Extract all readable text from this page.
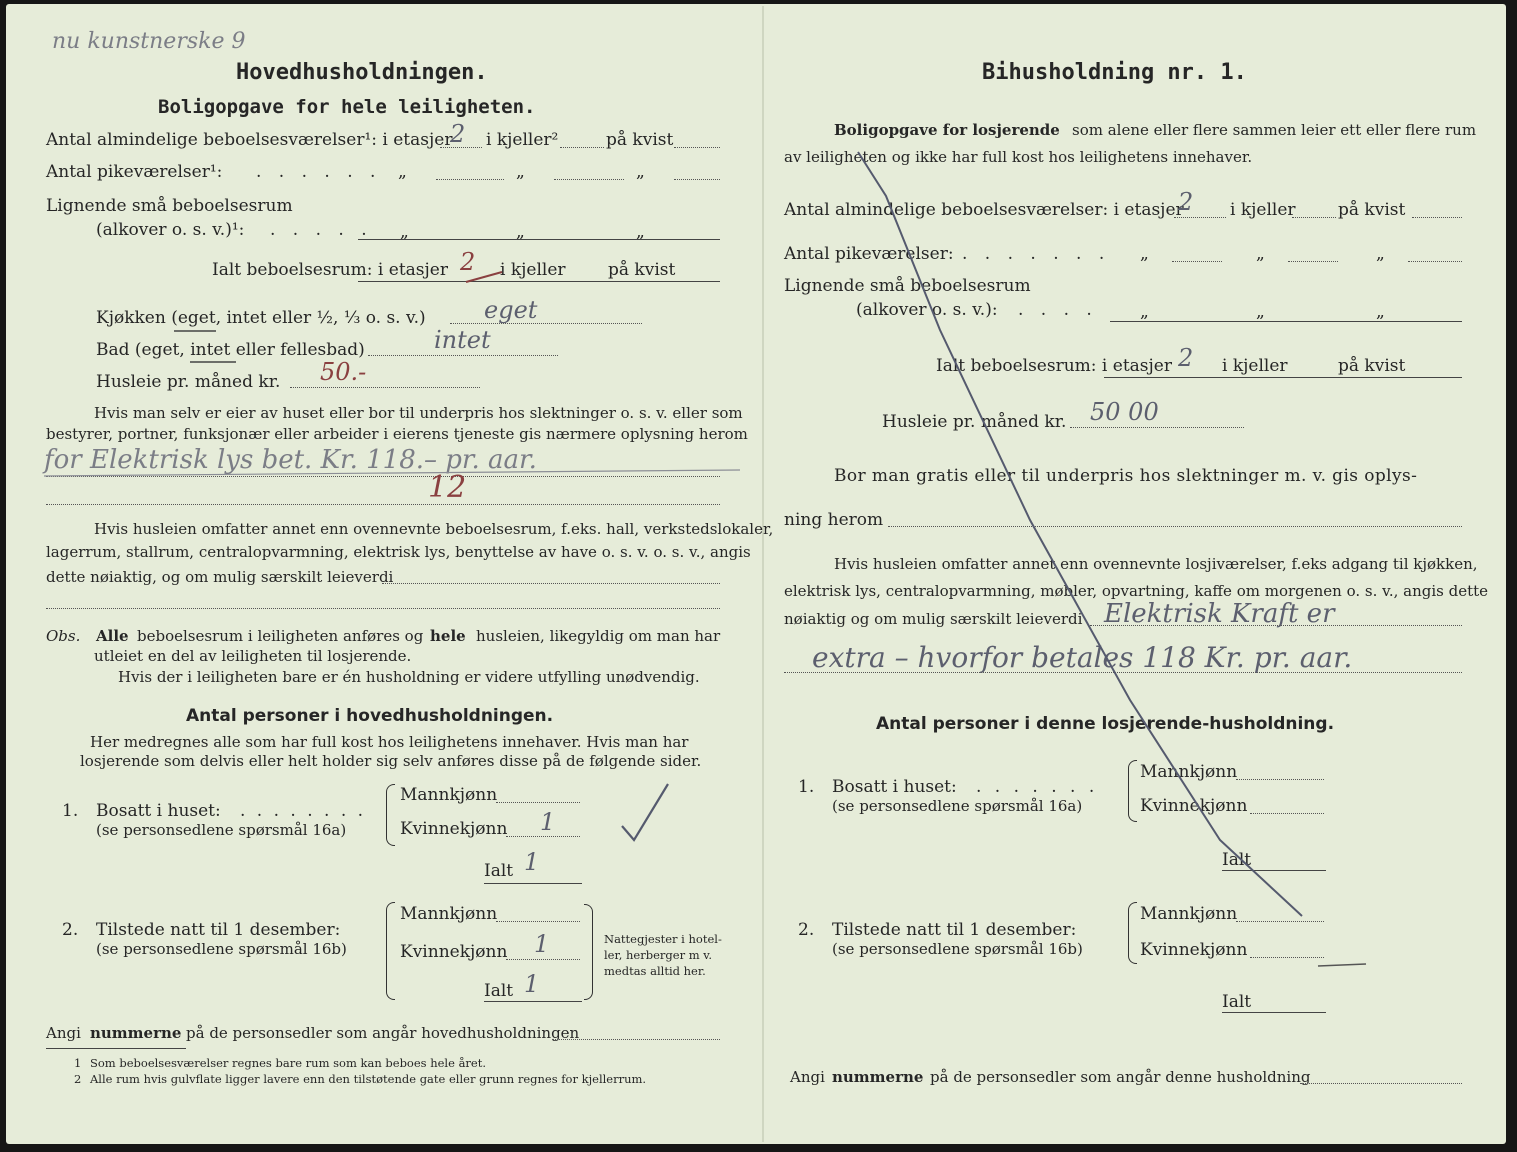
nu kunstnerske 9
Hovedhusholdningen.
Boligopgave for hele leiligheten.
Antal almindelige beboelsesværelser¹: i etasjer
2 i kjeller²	på kvist
Antal pikeværelser¹: . . . . . . „	„	„
Lignende små beboelsesrum
(alkover o. s. v.)¹: . . . . . „	„	„
Ialt beboelsesrum: i etasjer 2 i kjeller på kvist
Kjøkken (eget, intet eller ½, ⅓ o. s. v.) eget
Bad (eget, intet eller fellesbad)	intet
Husleie pr. måned kr. 50.-
Hvis man selv er eier av huset eller bor til underpris hos slektninger o. s. v. eller som
bestyrer, portner, funksjonær eller arbeider i eierens tjeneste gis nærmere oplysning herom
for Elektrisk lys bet. Kr. 118.– pr. aar.
12
Hvis husleien omfatter annet enn ovennevnte beboelsesrum, f.eks. hall, verkstedslokaler,
lagerrum, stallrum, centralopvarmning, elektrisk lys, benyttelse av have o. s. v. o. s. v., angis
dette nøiaktig, og om mulig særskilt leieverdi
Obs. Alle beboelsesrum i leiligheten anføres og hele husleien, likegyldig om man har
utleiet en del av leiligheten til losjerende.
Hvis der i leiligheten bare er én husholdning er videre utfylling unødvendig.
Antal personer i hovedhusholdningen.
Her medregnes alle som har full kost hos leilighetens innehaver. Hvis man har
losjerende som delvis eller helt holder sig selv anføres disse på de følgende sider.
1. Bosatt i huset: . . . . . . . .
(se personsedlene spørsmål 16a)
Mannkjønn
Kvinnekjønn 1
Ialt 1
2. Tilstede natt til 1 desember:
(se personsedlene spørsmål 16b)
Mannkjønn
Kvinnekjønn 1
Ialt 1
Nattegjester i hotel-
ler, herberger m v.
medtas alltid her.
Angi nummerne på de personsedler som angår hovedhusholdningen
1 Som beboelsesværelser regnes bare rum som kan beboes hele året.
2 Alle rum hvis gulvflate ligger lavere enn den tilstøtende gate eller grunn regnes for kjellerrum.
Bihusholdning nr. 1.
Boligopgave for losjerende som alene eller flere sammen leier ett eller flere rum
av leiligheten og ikke har full kost hos leilighetens innehaver.
Antal almindelige beboelsesværelser: i etasjer
2 i kjeller på kvist
Antal pikeværelser: . . . . . . . „	„	„
Lignende små beboelsesrum
(alkover o. s. v.): . . . . „	„	„
Ialt beboelsesrum: i etasjer 2 i kjeller	på kvist
Husleie pr. måned kr. 50 00
Bor man gratis eller til underpris hos slektninger m. v. gis oplys-
ning herom
Hvis husleien omfatter annet enn ovennevnte losjiværelser, f.eks adgang til kjøkken,
elektrisk lys, centralopvarmning, møbler, opvartning, kaffe om morgenen o. s. v., angis dette
nøiaktig og om mulig særskilt leieverdi Elektrisk Kraft er
extra – hvorfor betales 118 Kr. pr. aar.
Antal personer i denne losjerende-husholdning.
1. Bosatt i huset: . . . . . . .
(se personsedlene spørsmål 16a)
Mannkjønn
Kvinnekjønn
Ialt
2. Tilstede natt til 1 desember:
(se personsedlene spørsmål 16b)
Mannkjønn
Kvinnekjønn
Ialt
Angi nummerne på de personsedler som angår denne husholdning
